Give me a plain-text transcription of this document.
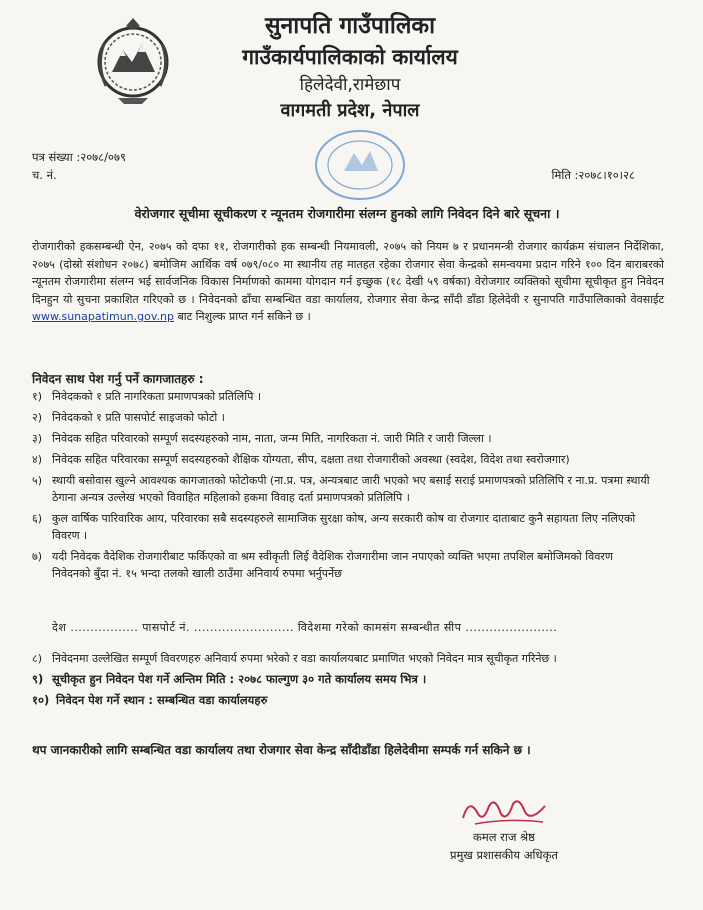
सुनापति गाउँपालिका
गाउँकार्यपालिकाको कार्यालय
हिलेदेवी,रामेछाप
वागमती प्रदेश, नेपाल
पत्र संख्या :२०७८/०७९
च. नं.	मिति :२०७८।१०।२८
वेरोजगार सूचीमा सूचीकरण र न्यूनतम रोजगारीमा संलग्न हुनको लागि निवेदन दिने बारे सूचना ।
रोजगारीको हकसम्बन्धी ऐन, २०७५ को दफा ११, रोजगारीको हक सम्बन्धी नियमावली, २०७५ को नियम ७ र प्रधानमन्त्री रोजगार कार्यक्रम संचालन निर्देशिका, २०७५ (दोस्रो संशोधन २०७८) बमोजिम आर्थिक वर्ष ०७९/०८० मा स्थानीय तह मातहत रहेका रोजगार सेवा केन्द्रको समन्वयमा प्रदान गरिने १०० दिन बाराबरको न्यूनतम रोजगारीमा संलग्न भई सार्वजनिक विकास निर्माणको काममा योगदान गर्न इच्छुक (१८ देखी ५९ वर्षका) वेरोजगार व्यक्तिको सूचीमा सूचीकृत हुन निवेदन दिनहुन यो सुचना प्रकाशित गरिएको छ । निवेदनको ढाँचा सम्बन्धित वडा कार्यालय, रोजगार सेवा केन्द्र साँदी डाँडा हिलेदेवी र सुनापति गाउँपालिकाको वेवसाईट www.sunapatimun.gov.np बाट निशुल्क प्राप्त गर्न सकिने छ ।
निवेदन साथ पेश गर्नु पर्ने कागजातहरु :
१) निवेदकको १ प्रति नागरिकता प्रमाणपत्रको प्रतिलिपि ।
२) निवेदकको १ प्रति पासपोर्ट साइजको फोटो ।
३) निवेदक सहित परिवारको सम्पूर्ण सदस्यहरुको नाम, नाता, जन्म मिति, नागरिकता नं. जारी मिति र जारी जिल्ला ।
४) निवेदक सहित परिवारका सम्पूर्ण सदस्यहरुको शैक्षिक योग्यता, सीप, दक्षता तथा रोजगारीको अवस्था (स्वदेश, विदेश तथा स्वरोजगार)
५) स्थायी बसोवास खुल्ने आवश्यक कागजातको फोटोकपी (ना.प्र. पत्र, अन्यत्रबाट जारी भएको भए बसाई सराई प्रमाणपत्रको प्रतिलिपि र ना.प्र. पत्रमा स्थायी ठेगाना अन्यत्र उल्लेख भएको विवाहित महिलाको हकमा विवाह दर्ता प्रमाणपत्रको प्रतिलिपि ।
६) कुल वार्षिक पारिवारिक आय, परिवारका सबै सदस्यहरुले सामाजिक सुरक्षा कोष, अन्य सरकारी कोष वा रोजगार दाताबाट कुनै सहायता लिए नलिएको विवरण ।
७) यदी निवेदक वैदेशिक रोजगारीबाट फर्किएको वा श्रम स्वीकृती लिई वैदेशिक रोजगारीमा जान नपाएको व्यक्ति भएमा तपशिल बमोजिमको विवरण निवेदनको बुँदा नं. १५ भन्दा तलको खाली ठाउँमा अनिवार्य रुपमा भर्नुपर्नेछ
देश ................. पासपोर्ट नं. ......................... विदेशमा गरेको कामसंग सम्बन्धीत सीप .......................
८) निवेदनमा उल्लेखित सम्पूर्ण विवरणहरु अनिवार्य रुपमा भरेको र वडा कार्यालयबाट प्रमाणित भएको निवेदन मात्र सूचीकृत गरिनेछ ।
९) सूचीकृत हुन निवेदन पेश गर्ने अन्तिम मिति : २०७८ फाल्गुण ३० गते कार्यालय समय भित्र ।
१०) निवेदन पेश गर्ने स्थान : सम्बन्धित वडा कार्यालयहरु
थप जानकारीको लागि सम्बन्धित वडा कार्यालय तथा रोजगार सेवा केन्द्र साँदीडाँडा हिलेदेवीमा सम्पर्क गर्न सकिने छ ।
कमल राज श्रेष्ठ
प्रमुख प्रशासकीय अधिकृत
